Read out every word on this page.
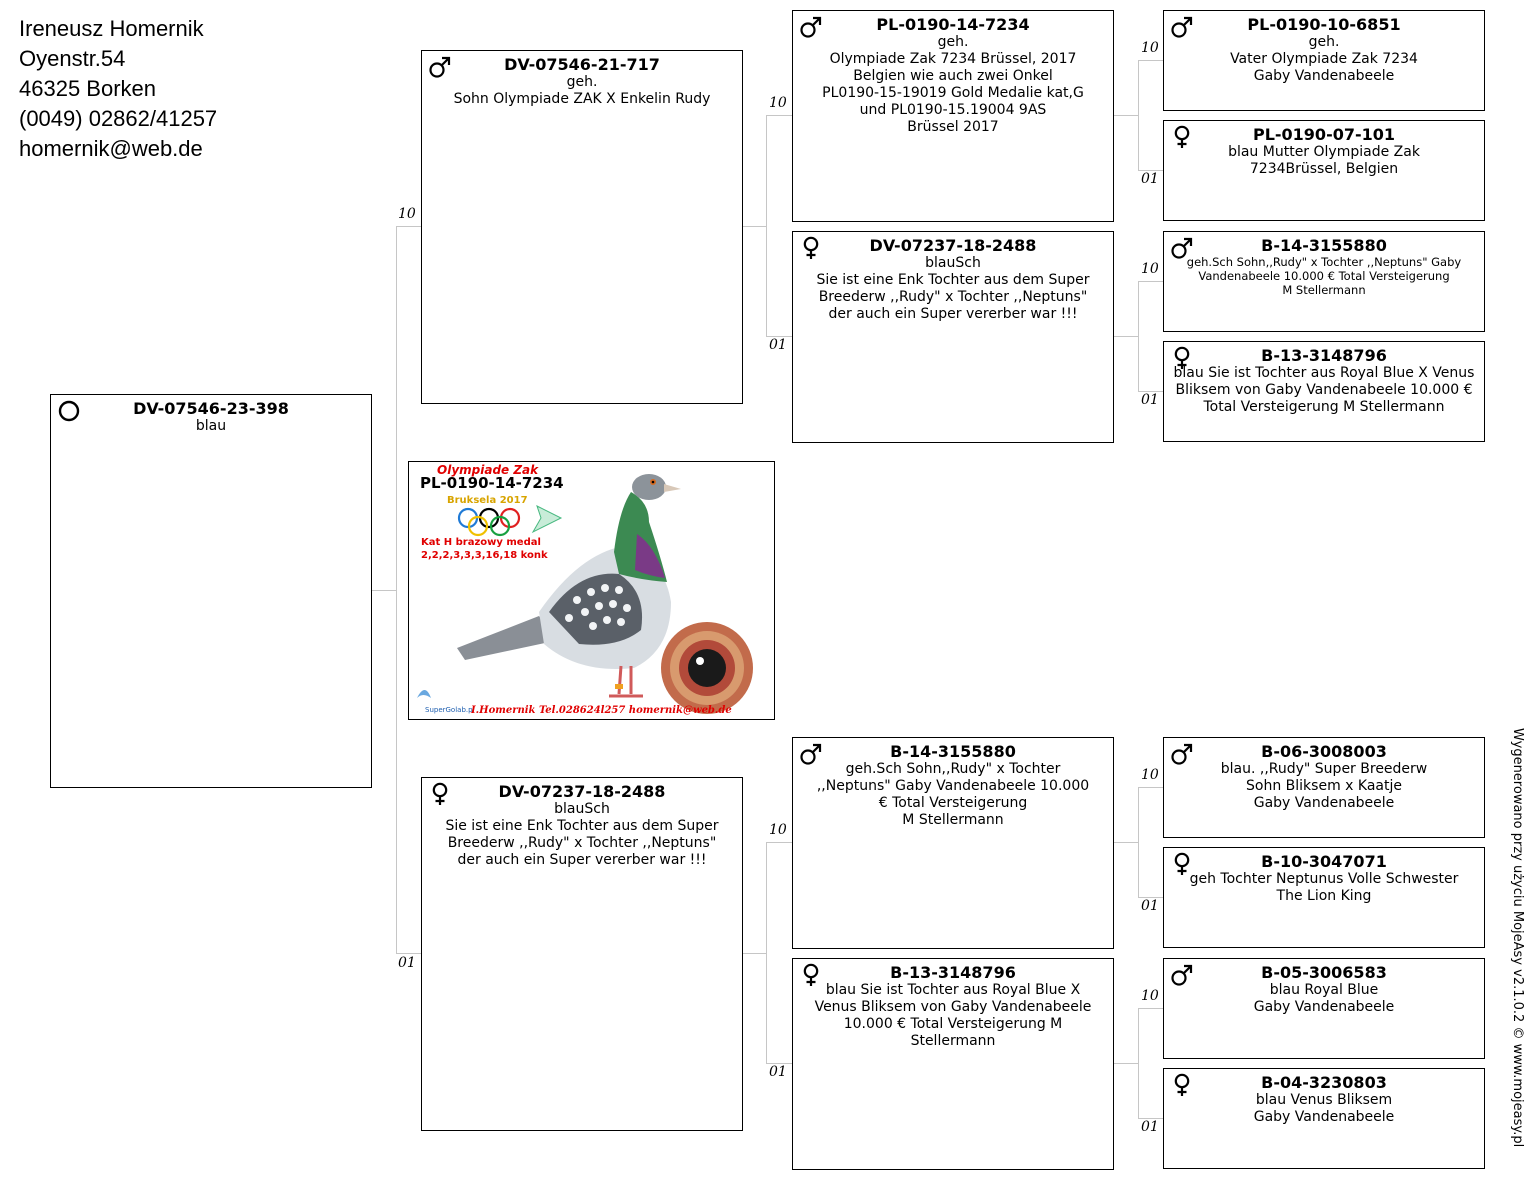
Ireneusz Homernik
Oyenstr.54
46325 Borken
(0049) 02862/41257
homernik@web.de
10
01
10
01
10
01
10
01
10
01
10
01
10
01
DV-07546-23-398
blau
DV-07546-21-717
geh.
Sohn Olympiade ZAK X Enkelin Rudy
DV-07237-18-2488
blauSch
Sie ist eine Enk Tochter aus dem Super
Breederw ,,Rudy" x Tochter ,,Neptuns"
der auch ein Super vererber war !!!
PL-0190-14-7234
geh.
Olympiade Zak 7234 Brüssel, 2017
Belgien wie auch zwei Onkel
PL0190-15-19019 Gold Medalie kat,G
und PL0190-15.19004 9AS
Brüssel 2017
DV-07237-18-2488
blauSch
Sie ist eine Enk Tochter aus dem Super
Breederw ,,Rudy" x Tochter ,,Neptuns"
der auch ein Super vererber war !!!
B-14-3155880
geh.Sch Sohn,,Rudy" x Tochter
,,Neptuns" Gaby Vandenabeele 10.000
€ Total Versteigerung
M Stellermann
B-13-3148796
blau Sie ist Tochter aus Royal Blue X
Venus Bliksem von Gaby Vandenabeele
10.000 € Total Versteigerung M
Stellermann
PL-0190-10-6851
geh.
Vater Olympiade Zak 7234
Gaby Vandenabeele
PL-0190-07-101
blau Mutter Olympiade Zak
7234Brüssel, Belgien
B-14-3155880
geh.Sch Sohn,,Rudy" x Tochter ,,Neptuns" Gaby
Vandenabeele 10.000 € Total Versteigerung
M Stellermann
B-13-3148796
blau Sie ist Tochter aus Royal Blue X Venus
Bliksem von Gaby Vandenabeele 10.000 €
Total Versteigerung M Stellermann
B-06-3008003
blau. ,,Rudy" Super Breederw
Sohn Bliksem x Kaatje
Gaby Vandenabeele
B-10-3047071
geh Tochter Neptunus Volle Schwester
The Lion King
B-05-3006583
blau Royal Blue
Gaby Vandenabeele
B-04-3230803
blau Venus Bliksem
Gaby Vandenabeele
Olympiade Zak
PL-0190-14-7234
Bruksela 2017
Kat H brazowy medal
2,2,2,3,3,3,16,18 konk
SuperGolab.pl
I.Homernik Tel.028624l257 homernik@web.de
Wygenerowano przy użyciu MojeAsy v2.1.0.2 © www.mojeasy.pl
